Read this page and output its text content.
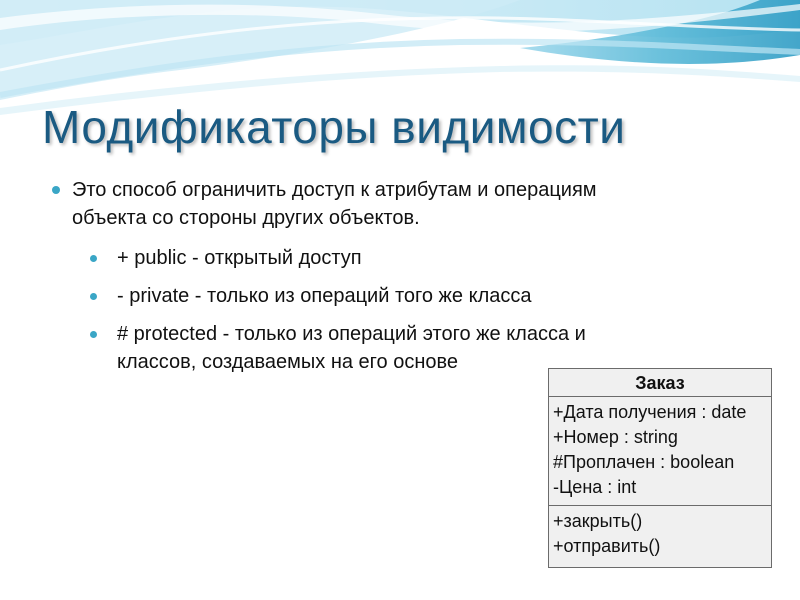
Модификаторы видимости
Это способ ограничить доступ к атрибутам и операциям
объекта со стороны других объектов.
+ public - открытый доступ
- private - только из операций того же класса
# protected - только из операций этого же класса и
классов, создаваемых на его основе
Заказ
+Дата получения : date
+Номер : string
#Проплачен : boolean
-Цена : int
+закрыть()
+отправить()
